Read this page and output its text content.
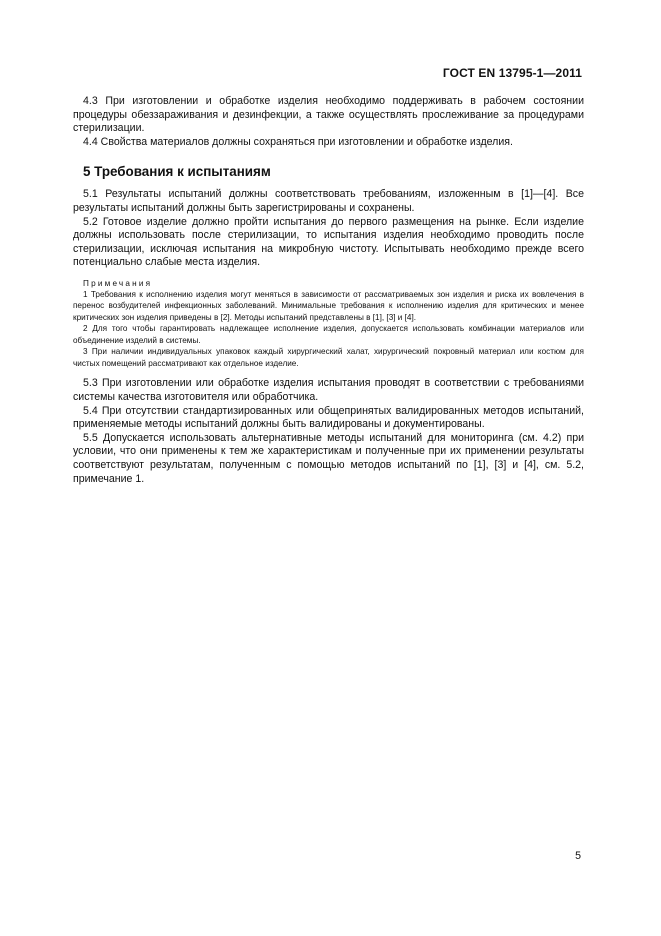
ГОСТ EN 13795-1—2011

4.3 При изготовлении и обработке изделия необходимо поддерживать в рабочем состоянии процедуры обеззараживания и дезинфекции, а также осуществлять прослеживание за процедурами стерилизации.

4.4 Свойства материалов должны сохраняться при изготовлении и обработке изделия.

5 Требования к испытаниям

5.1 Результаты испытаний должны соответствовать требованиям, изложенным в [1]—[4]. Все результаты испытаний должны быть зарегистрированы и сохранены.

5.2 Готовое изделие должно пройти испытания до первого размещения на рынке. Если изделие должны использовать после стерилизации, то испытания изделия необходимо проводить после стерилизации, исключая испытания на микробную чистоту. Испытывать необходимо прежде всего потенциально слабые места изделия.

Примечания

1 Требования к исполнению изделия могут меняться в зависимости от рассматриваемых зон изделия и риска их вовлечения в перенос возбудителей инфекционных заболеваний. Минимальные требования к исполнению изделия для критических и менее критических зон изделия приведены в [2]. Методы испытаний представлены в [1], [3] и [4].

2 Для того чтобы гарантировать надлежащее исполнение изделия, допускается использовать комбинации материалов или объединение изделий в системы.

3 При наличии индивидуальных упаковок каждый хирургический халат, хирургический покровный материал или костюм для чистых помещений рассматривают как отдельное изделие.

5.3 При изготовлении или обработке изделия испытания проводят в соответствии с требованиями системы качества изготовителя или обработчика.

5.4 При отсутствии стандартизированных или общепринятых валидированных методов испытаний, применяемые методы испытаний должны быть валидированы и документированы.

5.5 Допускается использовать альтернативные методы испытаний для мониторинга (см. 4.2) при условии, что они применены к тем же характеристикам и полученные при их применении результаты соответствуют результатам, полученным с помощью методов испытаний по [1], [3] и [4], см. 5.2, примечание 1.

5
